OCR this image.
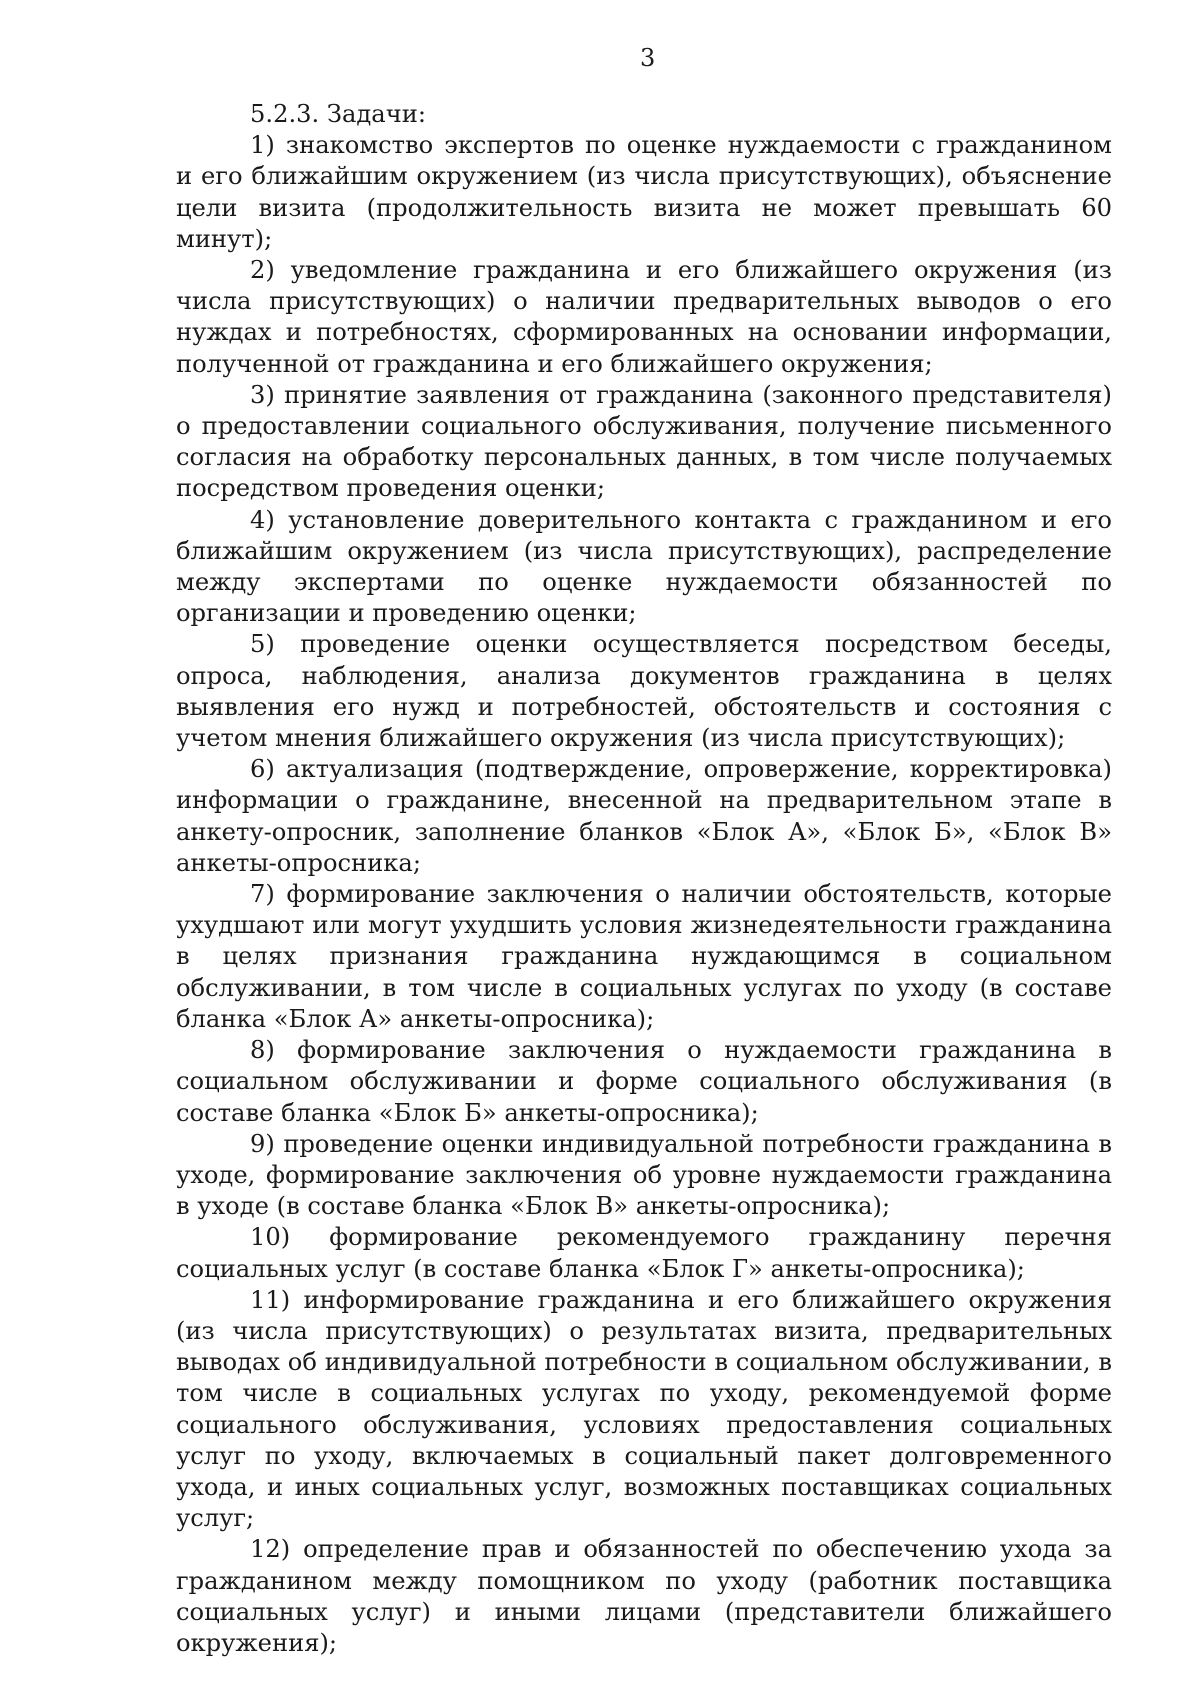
3

5.2.3. Задачи:

1) знакомство экспертов по оценке нуждаемости с гражданином и его ближайшим окружением (из числа присутствующих), объяснение цели визита (продолжительность визита не может превышать 60 минут);

2) уведомление гражданина и его ближайшего окружения (из числа присутствующих) о наличии предварительных выводов о его нуждах и потребностях, сформированных на основании информации, полученной от гражданина и его ближайшего окружения;

3) принятие заявления от гражданина (законного представителя) о предоставлении социального обслуживания, получение письменного согласия на обработку персональных данных, в том числе получаемых посредством проведения оценки;

4) установление доверительного контакта с гражданином и его ближайшим окружением (из числа присутствующих), распределение между экспертами по оценке нуждаемости обязанностей по организации и проведению оценки;

5) проведение оценки осуществляется посредством беседы, опроса, наблюдения, анализа документов гражданина в целях выявления его нужд и потребностей, обстоятельств и состояния с учетом мнения ближайшего окружения (из числа присутствующих);

6) актуализация (подтверждение, опровержение, корректировка) информации о гражданине, внесенной на предварительном этапе в анкету-опросник, заполнение бланков «Блок А», «Блок Б», «Блок В» анкеты-опросника;

7) формирование заключения о наличии обстоятельств, которые ухудшают или могут ухудшить условия жизнедеятельности гражданина в целях признания гражданина нуждающимся в социальном обслуживании, в том числе в социальных услугах по уходу (в составе бланка «Блок А» анкеты-опросника);

8) формирование заключения о нуждаемости гражданина в социальном обслуживании и форме социального обслуживания (в составе бланка «Блок Б» анкеты-опросника);

9) проведение оценки индивидуальной потребности гражданина в уходе, формирование заключения об уровне нуждаемости гражданина в уходе (в составе бланка «Блок В» анкеты-опросника);

10) формирование рекомендуемого гражданину перечня социальных услуг (в составе бланка «Блок Г» анкеты-опросника);

11) информирование гражданина и его ближайшего окружения (из числа присутствующих) о результатах визита, предварительных выводах об индивидуальной потребности в социальном обслуживании, в том числе в социальных услугах по уходу, рекомендуемой форме социального обслуживания, условиях предоставления социальных услуг по уходу, включаемых в социальный пакет долговременного ухода, и иных социальных услуг, возможных поставщиках социальных услуг;

12) определение прав и обязанностей по обеспечению ухода за гражданином между помощником по уходу (работник поставщика социальных услуг) и иными лицами (представители ближайшего окружения);
